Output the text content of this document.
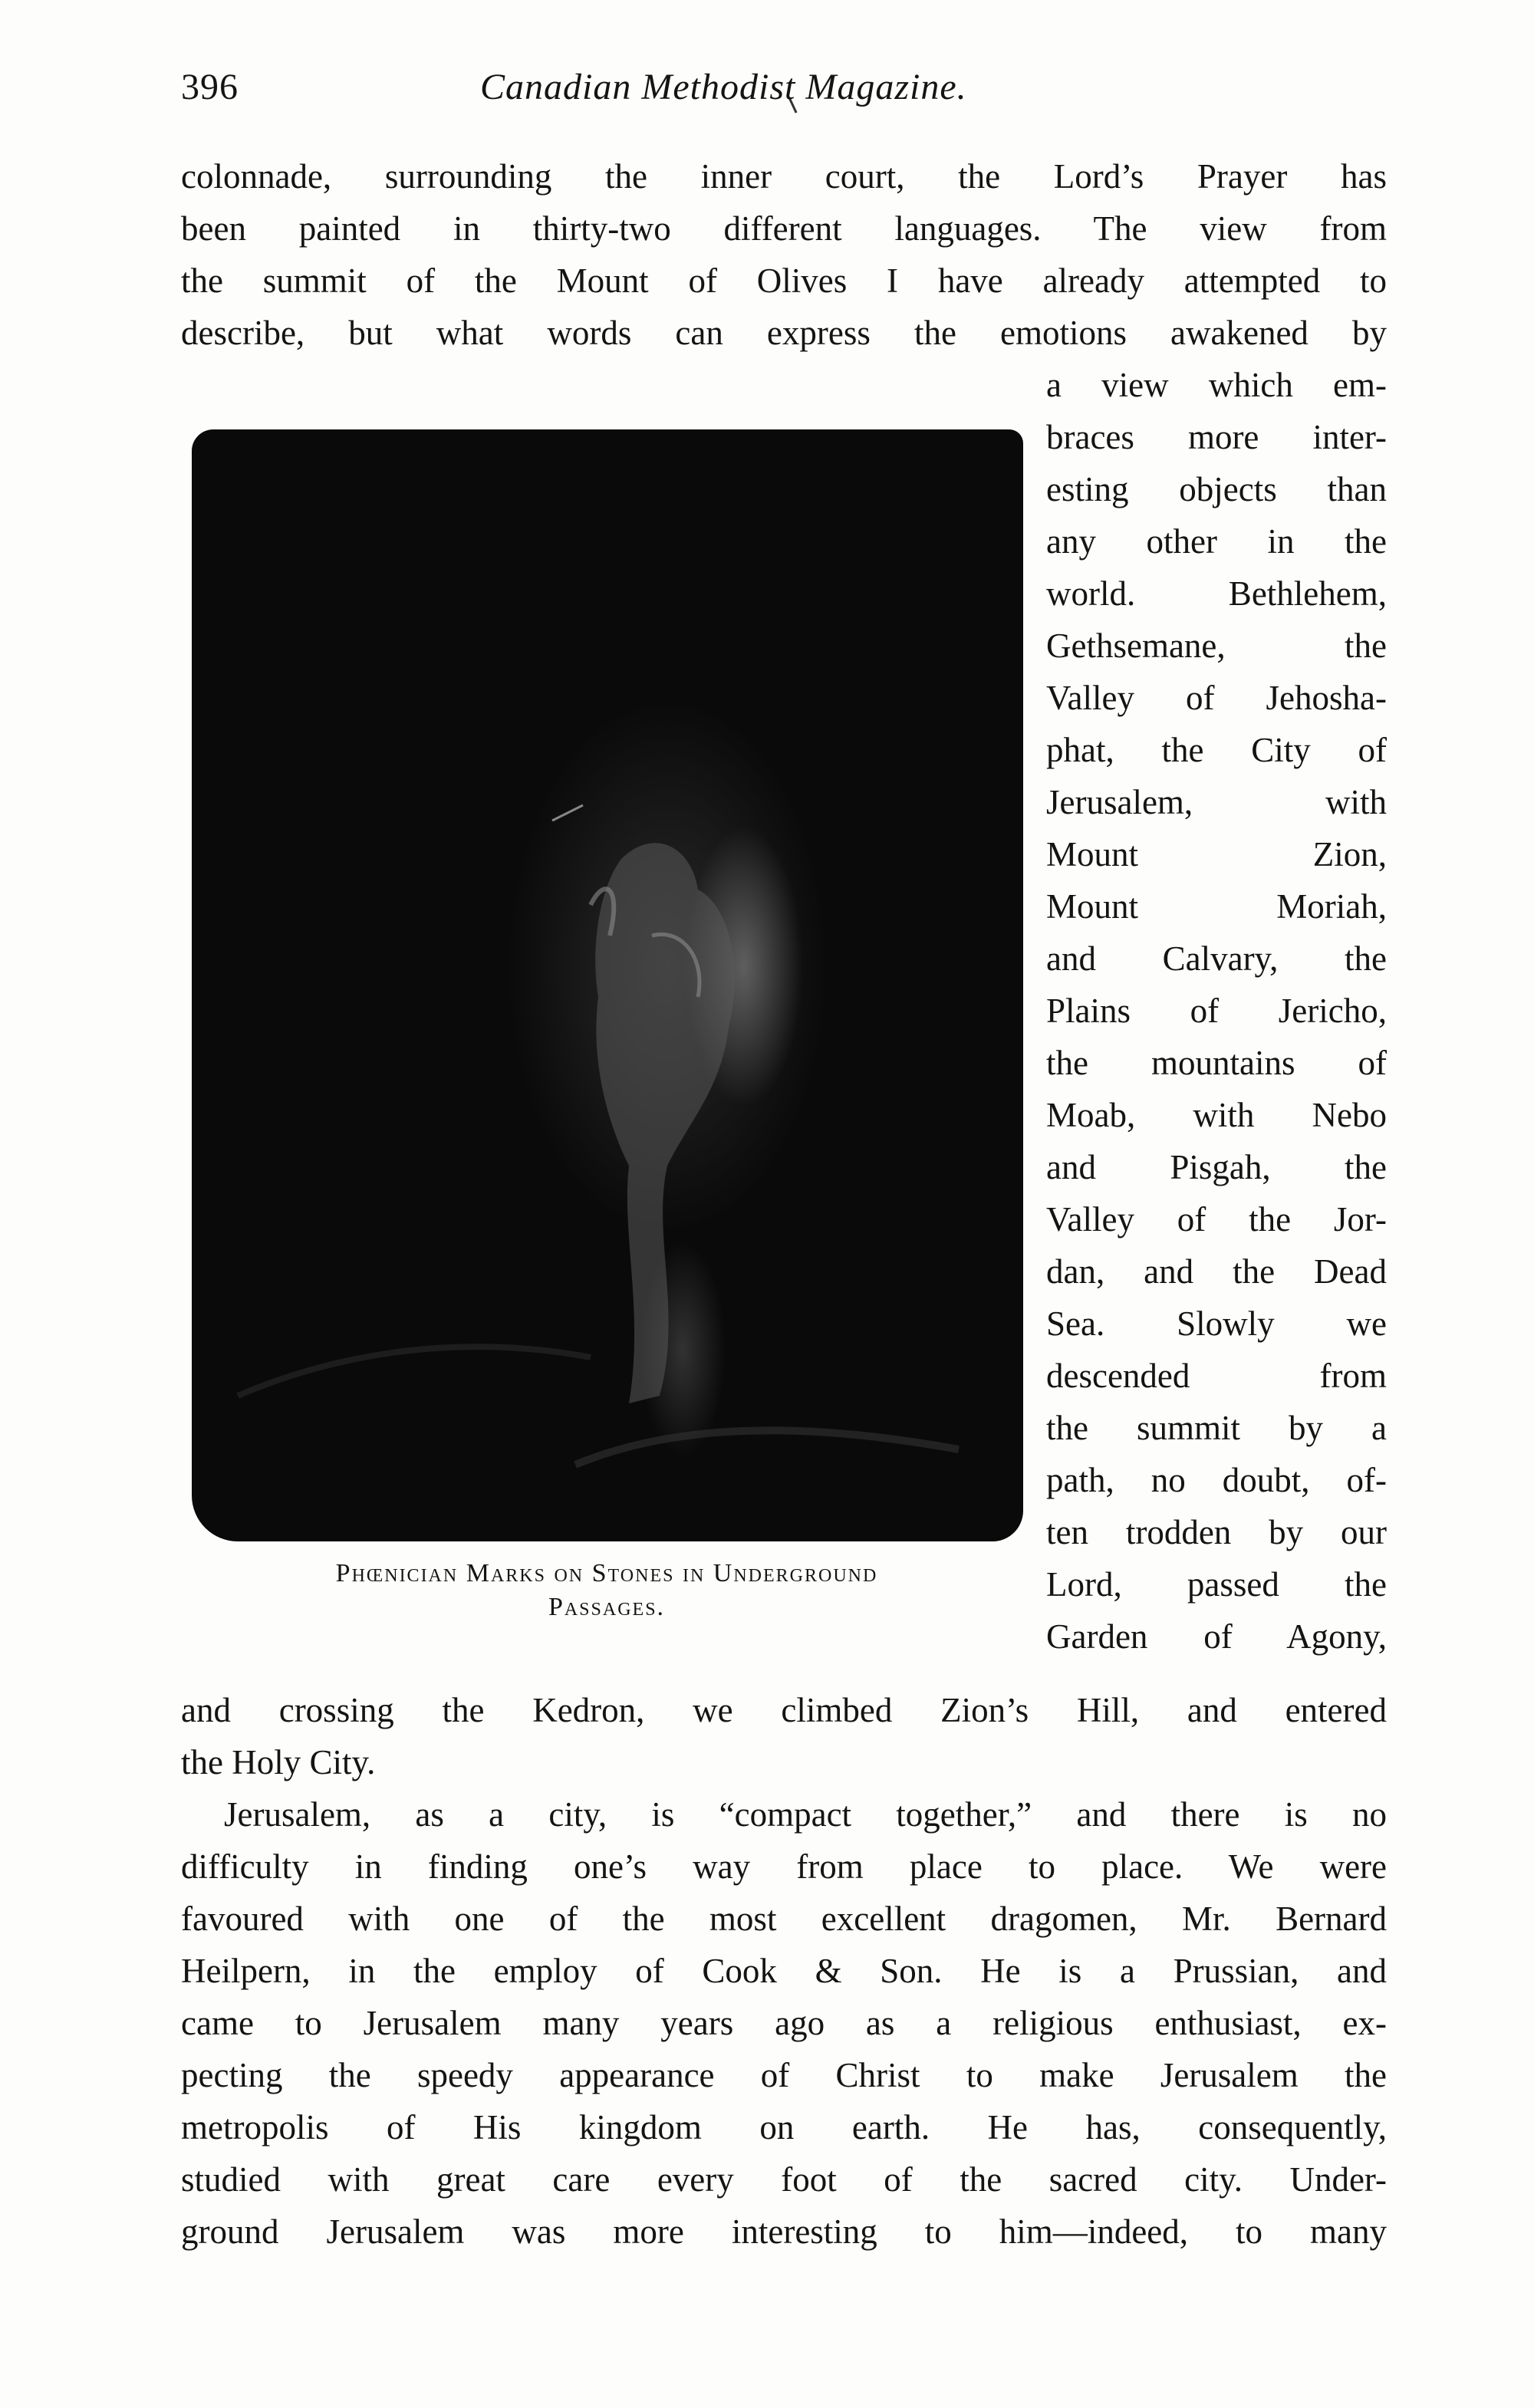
396	Canadian Methodist Magazine.
colonnade, surrounding the inner court, the Lord’s Prayer has
been painted in thirty-two different languages. The view from
the summit of the Mount of Olives I have already attempted to
describe, but what words can express the emotions awakened by
Phœnician Marks on Stones in Underground
Passages.
a view which em-
braces more inter-
esting objects than
any other in the
world. Bethlehem,
Gethsemane, the
Valley of Jehosha-
phat, the City of
Jerusalem, with
Mount Zion,
Mount Moriah,
and Calvary, the
Plains of Jericho,
the mountains of
Moab, with Nebo
and Pisgah, the
Valley of the Jor-
dan, and the Dead
Sea. Slowly we
descended from
the summit by a
path, no doubt, of-
ten trodden by our
Lord, passed the
Garden of Agony,
and crossing the Kedron, we climbed Zion’s Hill, and entered
the Holy City.
Jerusalem, as a city, is “compact together,” and there is no
difficulty in finding one’s way from place to place. We were
favoured with one of the most excellent dragomen, Mr. Bernard
Heilpern, in the employ of Cook & Son. He is a Prussian, and
came to Jerusalem many years ago as a religious enthusiast, ex-
pecting the speedy appearance of Christ to make Jerusalem the
metropolis of His kingdom on earth. He has, consequently,
studied with great care every foot of the sacred city. Under-
ground Jerusalem was more interesting to him—indeed, to many
